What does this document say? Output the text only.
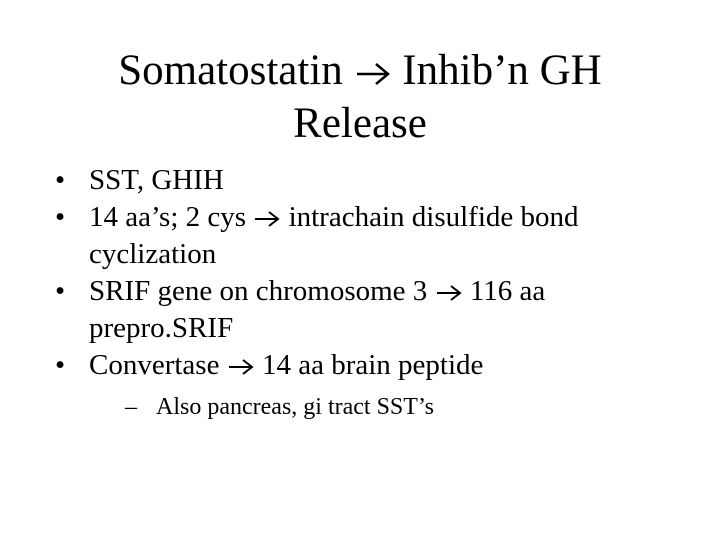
Somatostatin Inhib’n GH
Release
• SST, GHIH
• 14 aa’s; 2 cys intrachain disulfide bond
cyclization
• SRIF gene on chromosome 3 116 aa
prepro.SRIF
• Convertase 14 aa brain peptide
– Also pancreas, gi tract SST’s
